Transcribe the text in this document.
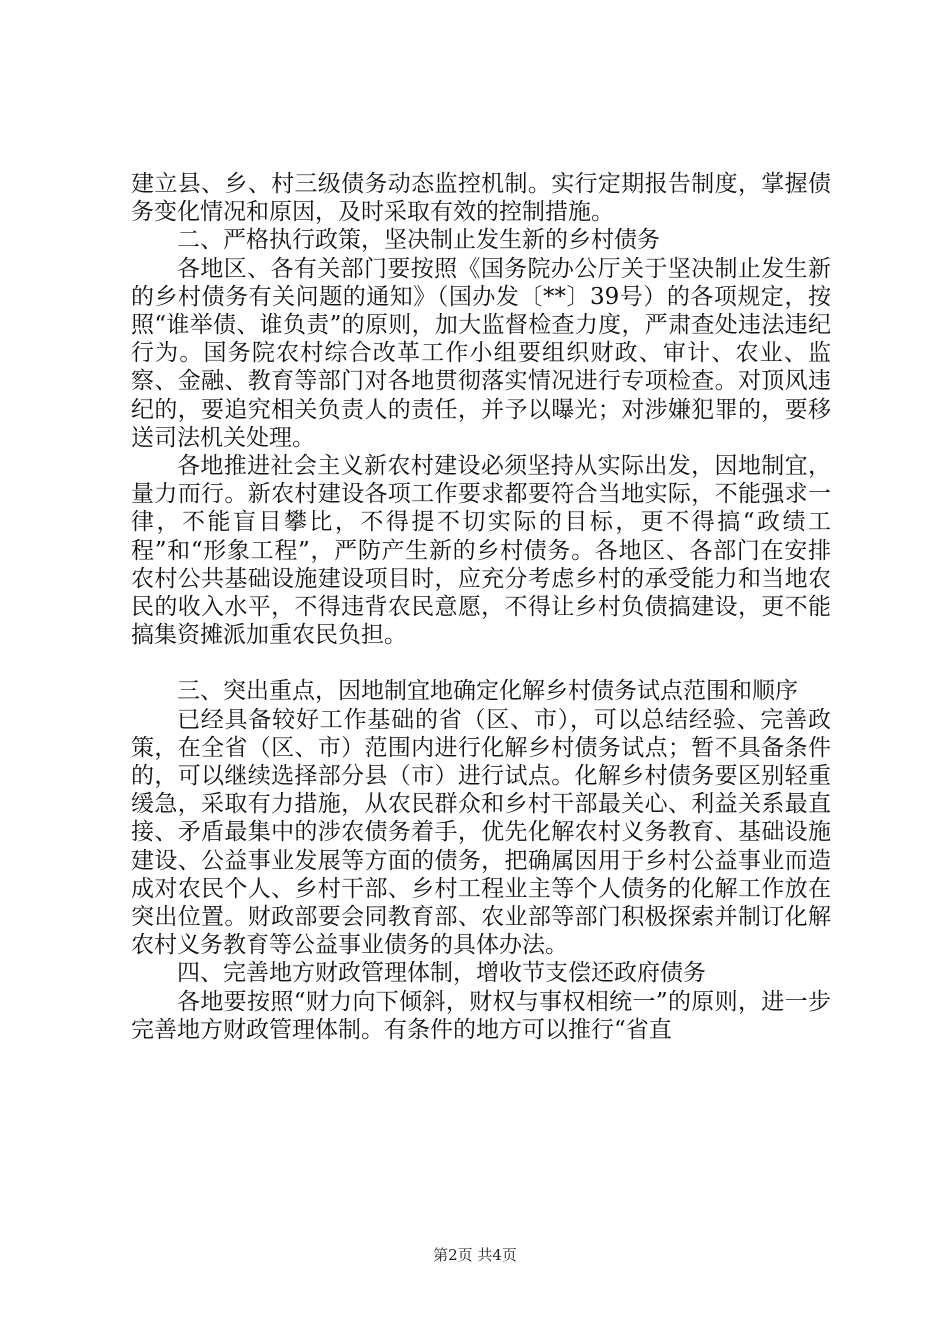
建立县、乡、村三级债务动态监控机制。实行定期报告制度，掌握债务变化情况和原因，及时采取有效的控制措施。

二、严格执行政策，坚决制止发生新的乡村债务

各地区、各有关部门要按照《国务院办公厅关于坚决制止发生新的乡村债务有关问题的通知》（国办发〔**〕39号）的各项规定，按照“谁举债、谁负责”的原则，加大监督检查力度，严肃查处违法违纪行为。国务院农村综合改革工作小组要组织财政、审计、农业、监察、金融、教育等部门对各地贯彻落实情况进行专项检查。对顶风违纪的，要追究相关负责人的责任，并予以曝光；对涉嫌犯罪的，要移送司法机关处理。

各地推进社会主义新农村建设必须坚持从实际出发，因地制宜，量力而行。新农村建设各项工作要求都要符合当地实际，不能强求一律，不能盲目攀比，不得提不切实际的目标，更不得搞“政绩工程”和“形象工程”，严防产生新的乡村债务。各地区、各部门在安排农村公共基础设施建设项目时，应充分考虑乡村的承受能力和当地农民的收入水平，不得违背农民意愿，不得让乡村负债搞建设，更不能搞集资摊派加重农民负担。

三、突出重点，因地制宜地确定化解乡村债务试点范围和顺序

已经具备较好工作基础的省（区、市），可以总结经验、完善政策，在全省（区、市）范围内进行化解乡村债务试点；暂不具备条件的，可以继续选择部分县（市）进行试点。化解乡村债务要区别轻重缓急，采取有力措施，从农民群众和乡村干部最关心、利益关系最直接、矛盾最集中的涉农债务着手，优先化解农村义务教育、基础设施建设、公益事业发展等方面的债务，把确属因用于乡村公益事业而造成对农民个人、乡村干部、乡村工程业主等个人债务的化解工作放在突出位置。财政部要会同教育部、农业部等部门积极探索并制订化解农村义务教育等公益事业债务的具体办法。

四、完善地方财政管理体制，增收节支偿还政府债务

各地要按照“财力向下倾斜，财权与事权相统一”的原则，进一步完善地方财政管理体制。有条件的地方可以推行“省直

第2页 共4页
